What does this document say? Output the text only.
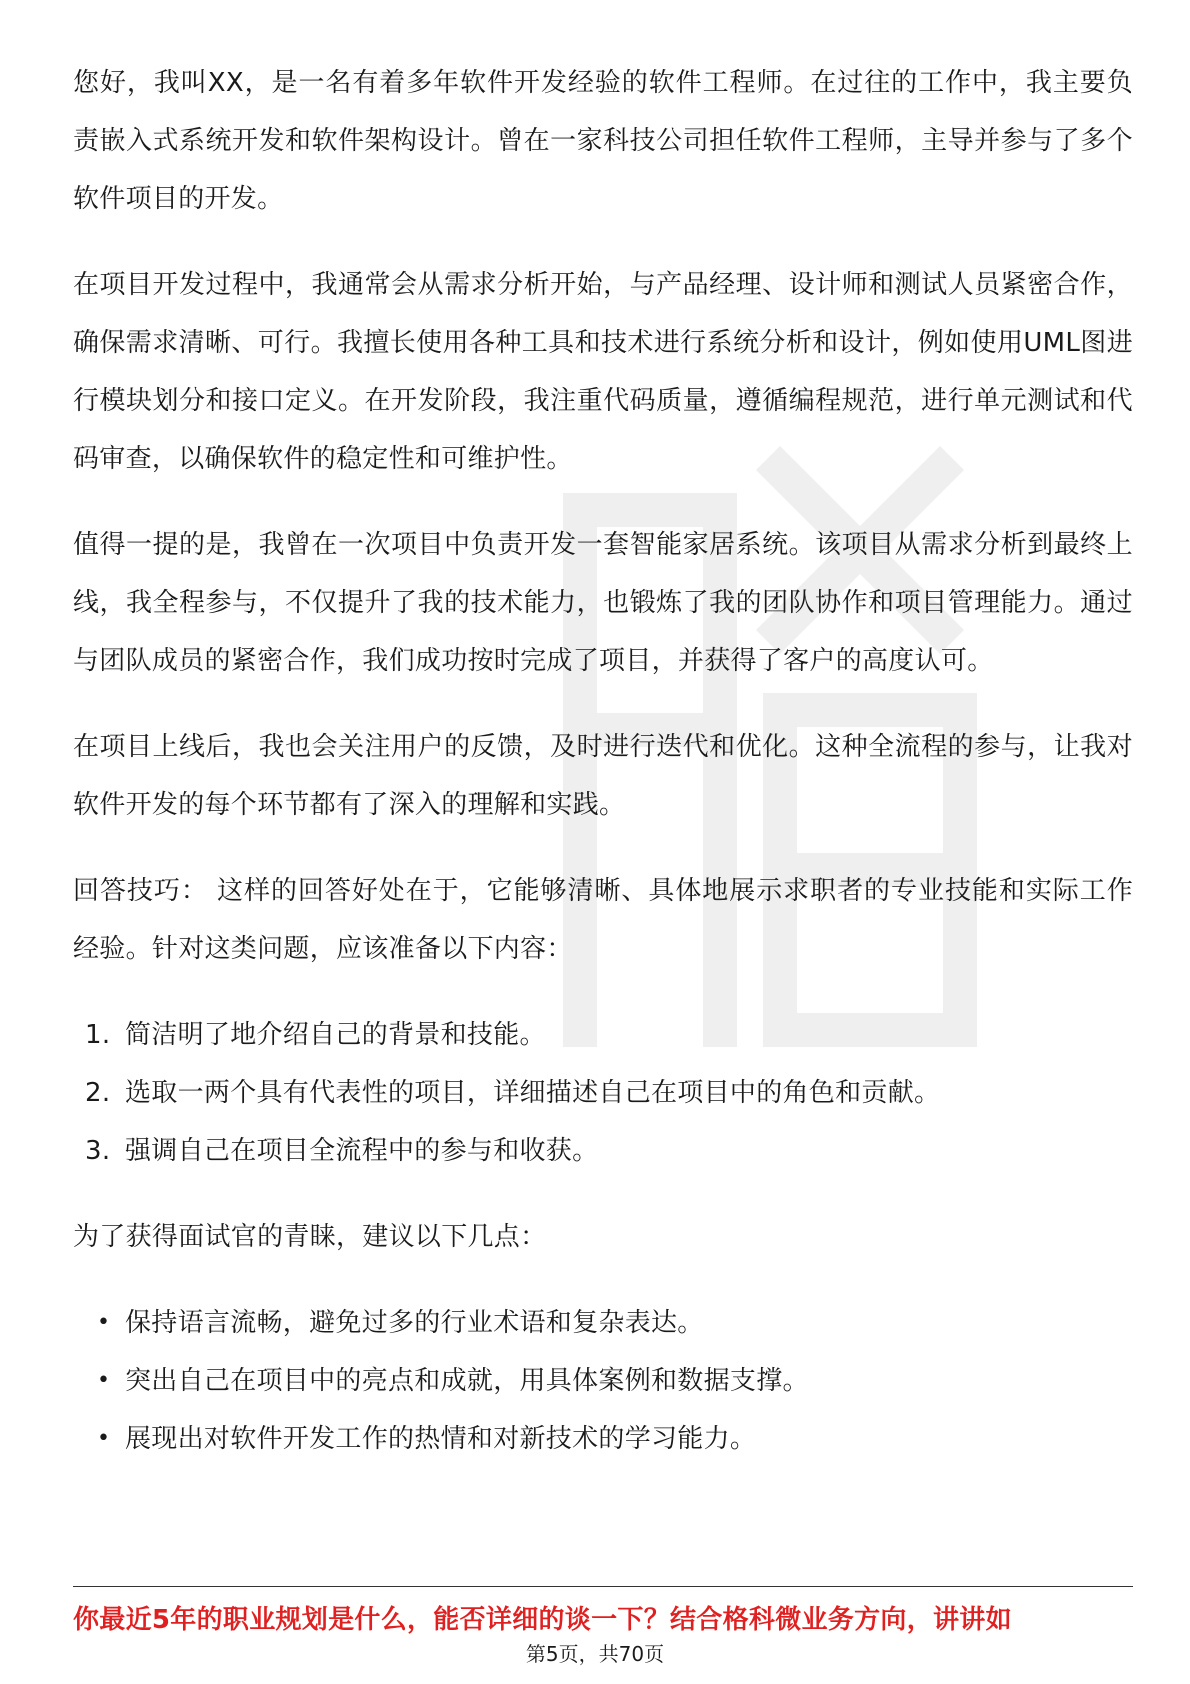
您好，我叫XX，是一名有着多年软件开发经验的软件工程师。在过往的工作中，我主要负责嵌入式系统开发和软件架构设计。曾在一家科技公司担任软件工程师，主导并参与了多个软件项目的开发。

在项目开发过程中，我通常会从需求分析开始，与产品经理、设计师和测试人员紧密合作，确保需求清晰、可行。我擅长使用各种工具和技术进行系统分析和设计，例如使用UML图进行模块划分和接口定义。在开发阶段，我注重代码质量，遵循编程规范，进行单元测试和代码审查，以确保软件的稳定性和可维护性。

值得一提的是，我曾在一次项目中负责开发一套智能家居系统。该项目从需求分析到最终上线，我全程参与，不仅提升了我的技术能力，也锻炼了我的团队协作和项目管理能力。通过与团队成员的紧密合作，我们成功按时完成了项目，并获得了客户的高度认可。

在项目上线后，我也会关注用户的反馈，及时进行迭代和优化。这种全流程的参与，让我对软件开发的每个环节都有了深入的理解和实践。

回答技巧： 这样的回答好处在于，它能够清晰、具体地展示求职者的专业技能和实际工作经验。针对这类问题，应该准备以下内容：

1. 简洁明了地介绍自己的背景和技能。
2. 选取一两个具有代表性的项目，详细描述自己在项目中的角色和贡献。
3. 强调自己在项目全流程中的参与和收获。

为了获得面试官的青睐，建议以下几点：

• 保持语言流畅，避免过多的行业术语和复杂表达。
• 突出自己在项目中的亮点和成就，用具体案例和数据支撑。
• 展现出对软件开发工作的热情和对新技术的学习能力。
你最近5年的职业规划是什么，能否详细的谈一下？结合格科微业务方向，讲讲如
第5页，共70页
